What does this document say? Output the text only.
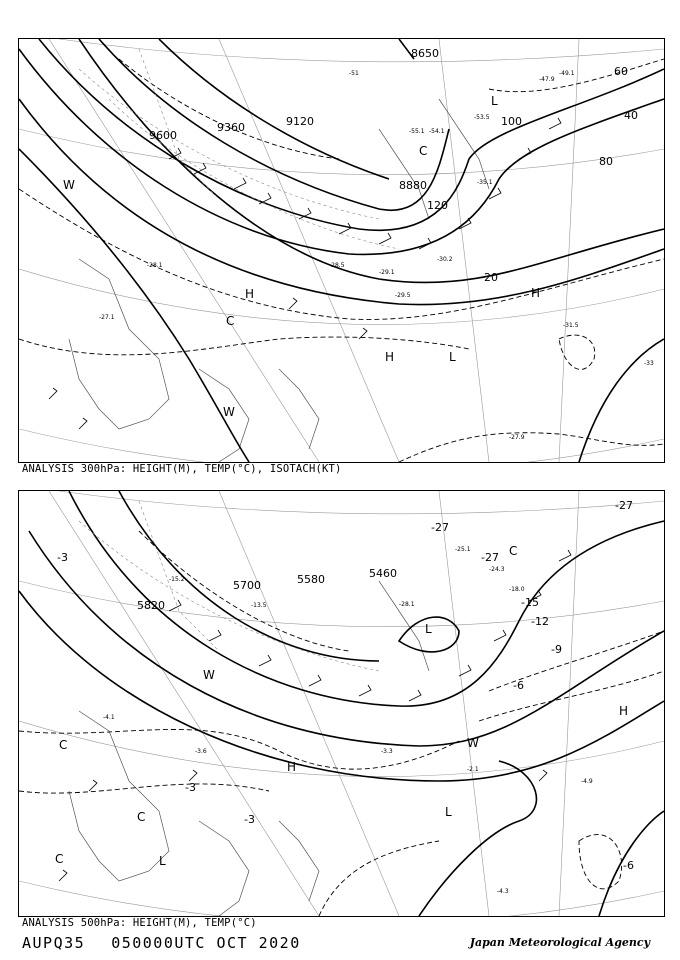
9600
9360	9120
8880
8650
60
40
20
80
100
120
H
H
H
L
L
C
C
W
W
-27.1
-28.1	-28.5
-29.1
-29.5
-30.2
-31.5
-33
-35.1
-47.9
-49.1
-51
-53.5
-55.1 -54.1
-27.9
ANALYSIS 300hPa: HEIGHT(M), TEMP(°C), ISOTACH(KT)
5820
5700	5580	5460
-27
-27
-27
-15
-12
-9
-6
-6
-3
-3
-3
H
H
L
L
L
C
C
C
C
W
W
-4.9
-4.3
-4.1
-2.1
-3.3
-3.6
-13.5
-15.2
-18.0
-24.3
-25.1
-28.1
ANALYSIS 500hPa: HEIGHT(M), TEMP(°C)
AUPQ35 050000UTC OCT 2020	Japan Meteorological Agency
